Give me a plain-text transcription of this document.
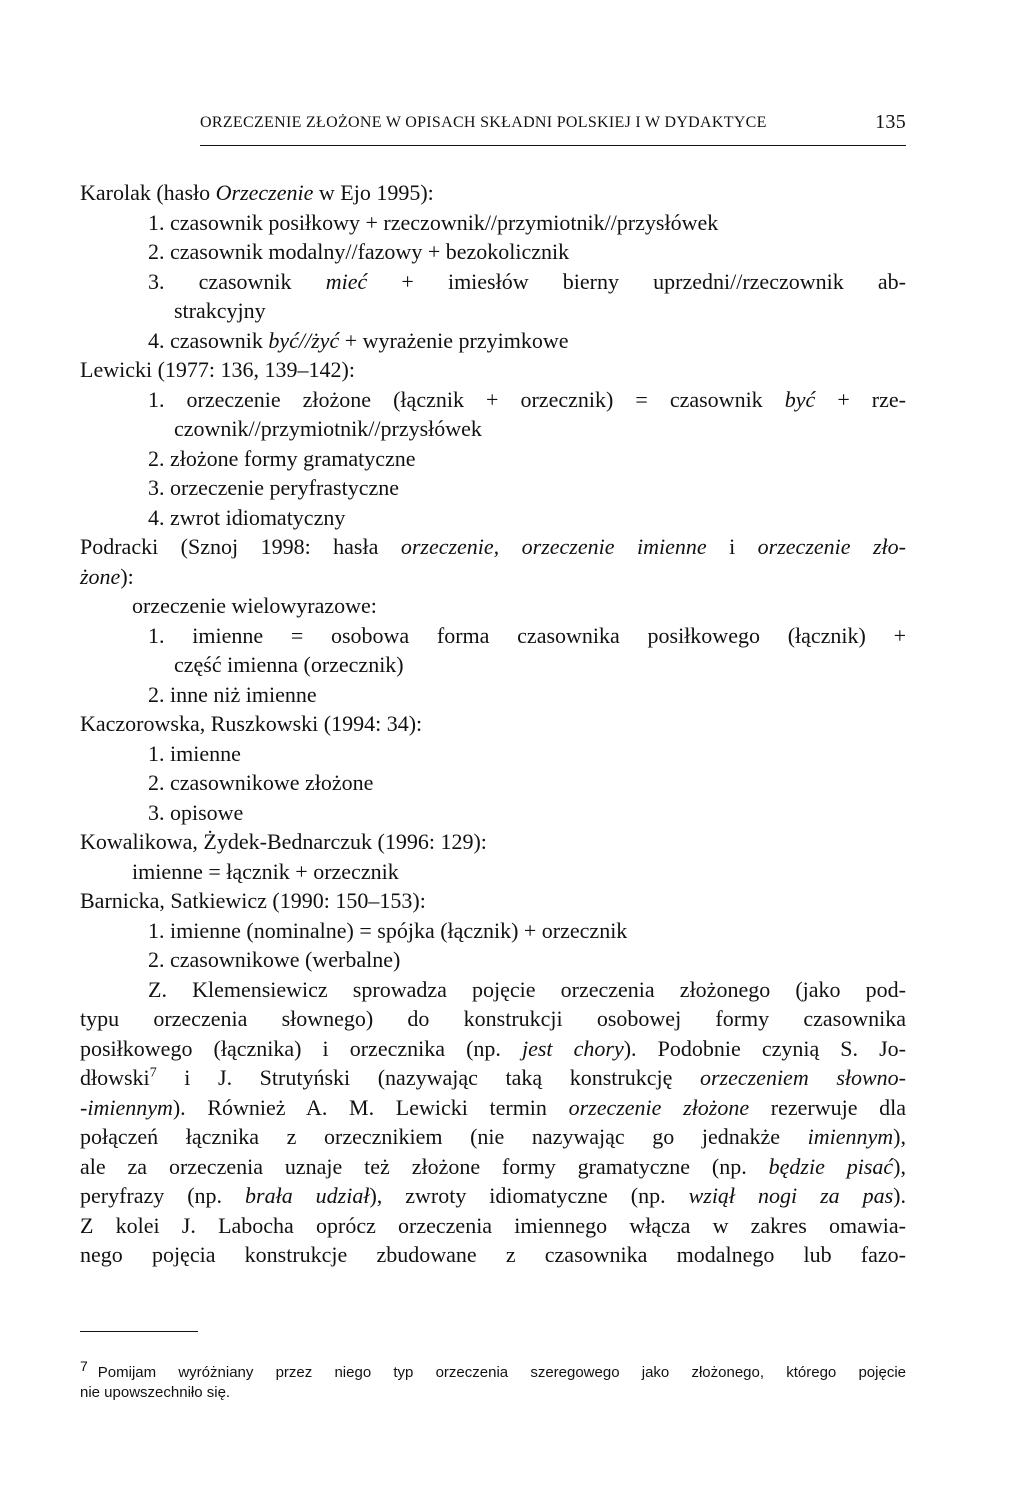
ORZECZENIE ZŁOŻONE W OPISACH SKŁADNI POLSKIEJ I W DYDAKTYCE	135
Karolak (hasło Orzeczenie w Ejo 1995):
1. czasownik posiłkowy + rzeczownik//przymiotnik//przysłówek
2. czasownik modalny//fazowy + bezokolicznik
3. czasownik mieć + imiesłów bierny uprzedni//rzeczownik ab-
strakcyjny
4. czasownik być//żyć + wyrażenie przyimkowe
Lewicki (1977: 136, 139–142):
1. orzeczenie złożone (łącznik + orzecznik) = czasownik być + rze-
czownik//przymiotnik//przysłówek
2. złożone formy gramatyczne
3. orzeczenie peryfrastyczne
4. zwrot idiomatyczny
Podracki (Sznoj 1998: hasła orzeczenie, orzeczenie imienne i orzeczenie zło-
żone):
orzeczenie wielowyrazowe:
1. imienne = osobowa forma czasownika posiłkowego (łącznik) +
część imienna (orzecznik)
2. inne niż imienne
Kaczorowska, Ruszkowski (1994: 34):
1. imienne
2. czasownikowe złożone
3. opisowe
Kowalikowa, Żydek-Bednarczuk (1996: 129):
imienne = łącznik + orzecznik
Barnicka, Satkiewicz (1990: 150–153):
1. imienne (nominalne) = spójka (łącznik) + orzecznik
2. czasownikowe (werbalne)
Z. Klemensiewicz sprowadza pojęcie orzeczenia złożonego (jako pod-
typu orzeczenia słownego) do konstrukcji osobowej formy czasownika
posiłkowego (łącznika) i orzecznika (np. jest chory). Podobnie czynią S. Jo-
dłowski$^7$ i J. Strutyński (nazywając taką konstrukcję orzeczeniem słowno-
-imiennym). Również A. M. Lewicki termin orzeczenie złożone rezerwuje dla
połączeń łącznika z orzecznikiem (nie nazywając go jednakże imiennym),
ale za orzeczenia uznaje też złożone formy gramatyczne (np. będzie pisać),
peryfrazy (np. brała udział), zwroty idiomatyczne (np. wziął nogi za pas).
Z kolei J. Labocha oprócz orzeczenia imiennego włącza w zakres omawia-
nego pojęcia konstrukcje zbudowane z czasownika modalnego lub fazo-
7 Pomijam wyróżniany przez niego typ orzeczenia szeregowego jako złożonego, którego pojęcie
nie upowszechniło się.
